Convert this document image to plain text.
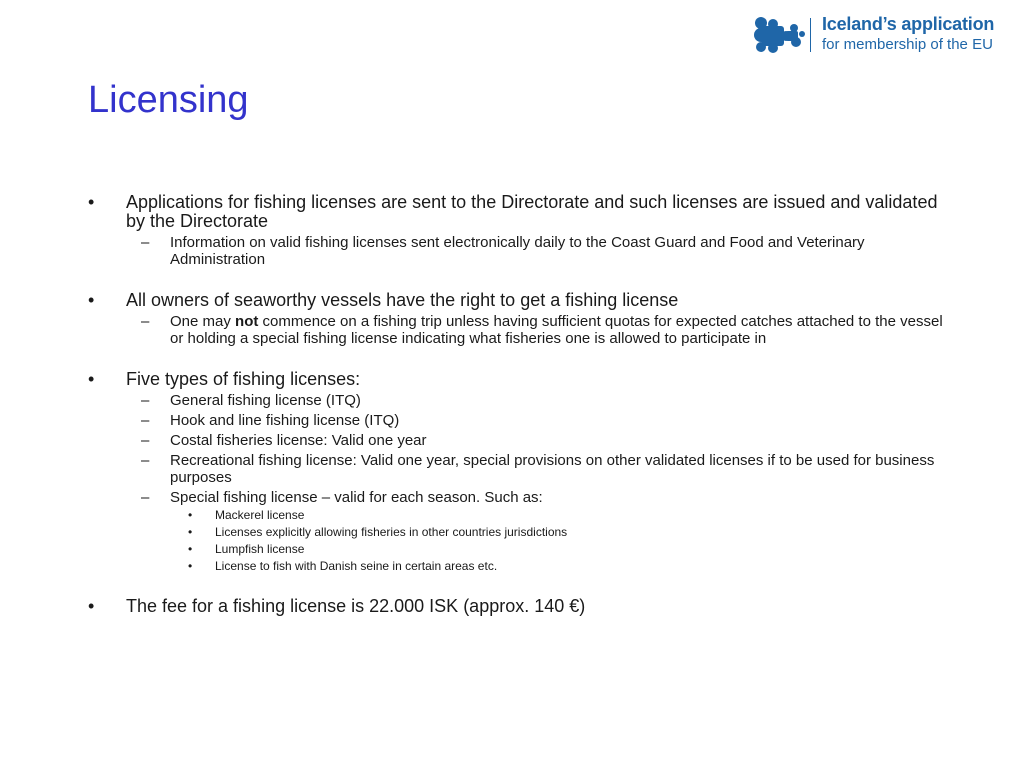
Iceland’s application
for membership of the EU
Licensing
• Applications for fishing licenses are sent to the Directorate and such licenses are issued and validated by the Directorate
– Information on valid fishing licenses sent electronically daily to the Coast Guard and Food and Veterinary Administration
• All owners of seaworthy vessels have the right to get a fishing license
– One may not commence on a fishing trip unless having sufficient quotas for expected catches attached to the vessel or holding a special fishing license indicating what fisheries one is allowed to participate in
• Five types of fishing licenses:
– General fishing license (ITQ)
– Hook and line fishing license (ITQ)
– Costal fisheries license: Valid one year
– Recreational fishing license: Valid one year, special provisions on other validated licenses if to be used for business purposes
– Special fishing license – valid for each season. Such as:
• Mackerel license
• Licenses explicitly allowing fisheries in other countries jurisdictions
• Lumpfish license
• License to fish with Danish seine in certain areas etc.
• The fee for a fishing license is 22.000 ISK (approx. 140 €)
